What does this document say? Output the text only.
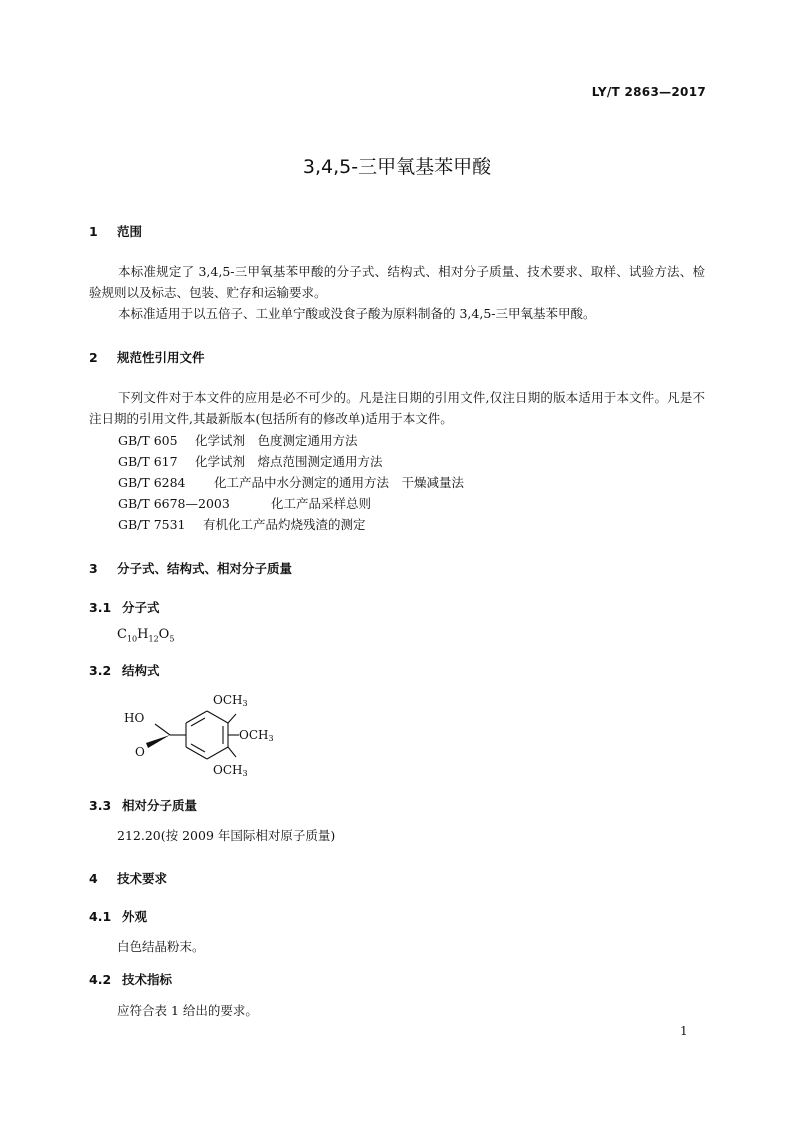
LY/T 2863—2017
3,4,5-三甲氧基苯甲酸
1 范围
本标准规定了 3,4,5-三甲氧基苯甲酸的分子式、结构式、相对分子质量、技术要求、取样、试验方法、检验规则以及标志、包装、贮存和运输要求。
本标准适用于以五倍子、工业单宁酸或没食子酸为原料制备的 3,4,5-三甲氧基苯甲酸。
2 规范性引用文件
下列文件对于本文件的应用是必不可少的。凡是注日期的引用文件,仅注日期的版本适用于本文件。凡是不注日期的引用文件,其最新版本(包括所有的修改单)适用于本文件。
GB/T 605 化学试剂　色度测定通用方法
GB/T 617 化学试剂　熔点范围测定通用方法
GB/T 6284 化工产品中水分测定的通用方法　干燥减量法
GB/T 6678—2003	化工产品采样总则
GB/T 7531 有机化工产品灼烧残渣的测定
3 分子式、结构式、相对分子质量
3.1 分子式
$C_{10}H_{12}O_5$
3.2 结构式
OCH3
OCH3
OCH3
HO
O
3.3 相对分子质量
212.20(按 2009 年国际相对原子质量)
4 技术要求
4.1 外观
白色结晶粉末。
4.2 技术指标
应符合表 1 给出的要求。
1
